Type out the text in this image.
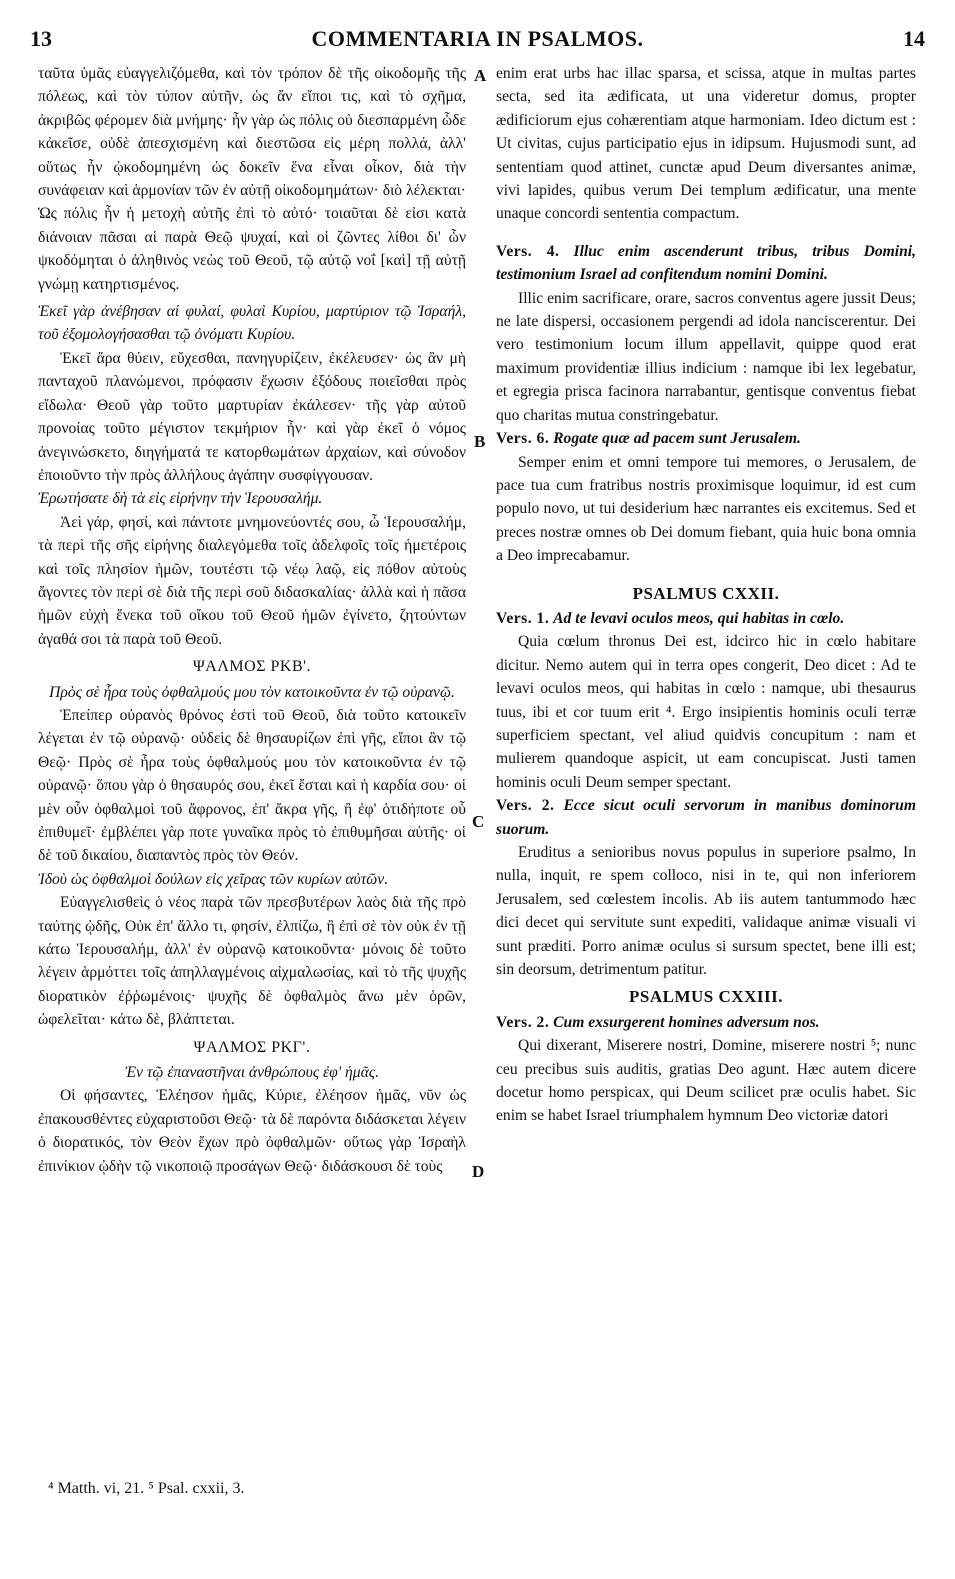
13	COMMENTARIA IN PSALMOS.	14
A
B
C
D

ταῦτα ὑμᾶς εὐαγγελιζόμεθα, καὶ τὸν τρόπον δὲ τῆς οἰκοδομῆς τῆς πόλεως, καὶ τὸν τύπον αὐτῆν, ὡς ἄν εἴποι τις, καὶ τὸ σχῆμα, ἀκριβῶς φέρομεν διὰ μνήμης· ἦν γὰρ ὡς πόλις οὐ διεσπαρμένη ὧδε κἀκεῖσε, οὐδὲ ἀπεσχισμένη καὶ διεστῶσα εἰς μέρη πολλά, ἀλλ' οὕτως ἦν ᾠκοδομημένη ὡς δοκεῖν ἕνα εἶναι οἶκον, διὰ τὴν συνάφειαν καὶ ἁρμονίαν τῶν ἐν αὐτῇ οἰκοδομημάτων· διὸ λέλεκται· Ὡς πόλις ἧν ἡ μετοχὴ αὐτῆς ἐπὶ τὸ αὐτό· τοιαῦται δὲ εἰσι κατὰ διάνοιαν πᾶσαι αἱ παρὰ Θεῷ ψυχαί, καὶ οἱ ζῶντες λίθοι δι' ὧν ψκοδόμηται ὁ ἀληθινὸς νεὼς τοῦ Θεοῦ, τῷ αὐτῷ νοΐ [καὶ] τῇ αὐτῇ γνώμῃ κατηρτισμένος.

Ἐκεῖ γὰρ ἀνέβησαν αἱ φυλαί, φυλαὶ Κυρίου, μαρτύριον τῷ Ἰσραήλ, τοῦ ἐξομολογήσασθαι τῷ ὀνόματι Κυρίου.

Ἐκεῖ ἄρα θύειν, εὔχεσθαι, πανηγυρίζειν, ἐκέλευσεν· ὡς ἂν μὴ πανταχοῦ πλανώμενοι, πρόφασιν ἔχωσιν ἐξόδους ποιεῖσθαι πρὸς εἴδωλα· Θεοῦ γὰρ τοῦτο μαρτυρίαν ἐκάλεσεν· τῆς γὰρ αὐτοῦ προνοίας τοῦτο μέγιστον τεκμήριον ἦν· καὶ γὰρ ἐκεῖ ὁ νόμος ἀνεγινώσκετο, διηγήματά τε κατορθωμάτων ἀρχαίων, καὶ σύνοδον ἐποιοῦντο τὴν πρὸς ἀλλήλους ἀγάπην συσφίγγουσαν.

Ἐρωτήσατε δὴ τὰ εἰς εἰρήνην τὴν Ἱερουσαλήμ.

Ἀεὶ γάρ, φησί, καὶ πάντοτε μνημονεύοντές σου, ὦ Ἱερουσαλήμ, τὰ περὶ τῆς σῆς εἰρήνης διαλεγόμεθα τοῖς ἀδελφοῖς τοῖς ἡμετέροις καὶ τοῖς πλησίον ἡμῶν, τουτέστι τῷ νέῳ λαῷ, εἰς πόθον αὐτοὺς ἄγοντες τὸν περὶ σὲ διὰ τῆς περὶ σοῦ διδασκαλίας· ἀλλὰ καὶ ἡ πᾶσα ἡμῶν εὐχὴ ἕνεκα τοῦ οἴκου τοῦ Θεοῦ ἡμῶν ἐγίνετο, ζητούντων ἀγαθά σοι τὰ παρὰ τοῦ Θεοῦ.

ΨΑΛΜΟΣ ΡΚΒ'.

Πρὸς σὲ ἦρα τοὺς ὀφθαλμούς μου τὸν κατοικοῦντα ἐν τῷ οὐρανῷ.

Ἐπείπερ οὐρανὸς θρόνος ἐστὶ τοῦ Θεοῦ, διὰ τοῦτο κατοικεῖν λέγεται ἐν τῷ οὐρανῷ· οὐδεὶς δὲ θησαυρίζων ἐπὶ γῆς, εἴποι ἂν τῷ Θεῷ· Πρὸς σὲ ἦρα τοὺς ὀφθαλμούς μου τὸν κατοικοῦντα ἐν τῷ οὐρανῷ· ὅπου γὰρ ὁ θησαυρός σου, ἐκεῖ ἔσται καὶ ἡ καρδία σου· οἱ μὲν οὖν ὀφθαλμοὶ τοῦ ἄφρονος, ἐπ' ἄκρα γῆς, ἢ ἐφ' ὁτιδήποτε οὗ ἐπιθυμεῖ· ἐμβλέπει γὰρ ποτε γυναῖκα πρὸς τὸ ἐπιθυμῆσαι αὐτῆς· οἱ δὲ τοῦ δικαίου, διαπαντὸς πρὸς τὸν Θεόν.

Ἰδοὺ ὡς ὀφθαλμοὶ δούλων εἰς χεῖρας τῶν κυρίων αὐτῶν.

Εὐαγγελισθεὶς ὁ νέος παρὰ τῶν πρεσβυτέρων λαὸς διὰ τῆς πρὸ ταύτης ᾠδῆς, Οὐκ ἐπ' ἄλλο τι, φησίν, ἐλπίζω, ἢ ἐπὶ σὲ τὸν οὐκ ἐν τῇ κάτω Ἱερουσαλήμ, ἀλλ' ἐν οὐρανῷ κατοικοῦντα· μόνοις δὲ τοῦτο λέγειν ἁρμόττει τοῖς ἀπηλλαγμένοις αἰχμαλωσίας, καὶ τὸ τῆς ψυχῆς διορατικὸν ἐῤῥωμένοις· ψυχῆς δὲ ὀφθαλμὸς ἄνω μὲν ὁρῶν, ὠφελεῖται· κάτω δὲ, βλάπτεται.

ΨΑΛΜΟΣ ΡΚΓ'.

Ἐν τῷ ἐπαναστῆναι ἀνθρώπους ἐφ' ἡμᾶς.

Οἱ φήσαντες, Ἐλέησον ἡμᾶς, Κύριε, ἐλέησον ἡμᾶς, νῦν ὡς ἐπακουσθέντες εὐχαριστοῦσι Θεῷ· τὰ δὲ παρόντα διδάσκεται λέγειν ὁ διορατικός, τὸν Θεὸν ἔχων πρὸ ὀφθαλμῶν· οὕτως γὰρ Ἰσραὴλ ἐπινίκιον ᾠδὴν τῷ νικοποιῷ προσάγων Θεῷ· διδάσκουσι δὲ τοὺς

enim erat urbs hac illac sparsa, et scissa, atque in multas partes secta, sed ita ædificata, ut una videretur domus, propter ædificiorum ejus cohærentiam atque harmoniam. Ideo dictum est : Ut civitas, cujus participatio ejus in idipsum. Hujusmodi sunt, ad sententiam quod attinet, cunctæ apud Deum diversantes animæ, vivi lapides, quibus verum Dei templum ædificatur, una mente unaque concordi sententia compactum.

Vers. 4. Illuc enim ascenderunt tribus, tribus Domini, testimonium Israel ad confitendum nomini Domini.

Illic enim sacrificare, orare, sacros conventus agere jussit Deus; ne late dispersi, occasionem pergendi ad idola nanciscerentur. Dei vero testimonium locum illum appellavit, quippe quod erat maximum providentiæ illius indicium : namque ibi lex legebatur, et egregia prisca facinora narrabantur, gentisque conventus fiebat quo charitas mutua constringebatur.

Vers. 6. Rogate quæ ad pacem sunt Jerusalem.

Semper enim et omni tempore tui memores, o Jerusalem, de pace tua cum fratribus nostris proximisque loquimur, id est cum populo novo, ut tui desiderium hæc narrantes eis excitemus. Sed et preces nostræ omnes ob Dei domum fiebant, quia huic bona omnia a Deo imprecabamur.

PSALMUS CXXII.

Vers. 1. Ad te levavi oculos meos, qui habitas in cœlo.

Quia cœlum thronus Dei est, idcirco hic in cœlo habitare dicitur. Nemo autem qui in terra opes congerit, Deo dicet : Ad te levavi oculos meos, qui habitas in cœlo : namque, ubi thesaurus tuus, ibi et cor tuum erit ⁴. Ergo insipientis hominis oculi terræ superficiem spectant, vel aliud quidvis concupitum : nam et mulierem quandoque aspicit, ut eam concupiscat. Justi tamen hominis oculi Deum semper spectant.

Vers. 2. Ecce sicut oculi servorum in manibus dominorum suorum.

Eruditus a senioribus novus populus in superiore psalmo, In nulla, inquit, re spem colloco, nisi in te, qui non inferiorem Jerusalem, sed cœlestem incolis. Ab iis autem tantummodo hæc dici decet qui servitute sunt expediti, validaque animæ visuali vi sunt præditi. Porro animæ oculus si sursum spectet, bene illi est; sin deorsum, detrimentum patitur.

PSALMUS CXXIII.

Vers. 2. Cum exsurgerent homines adversum nos.

Qui dixerant, Miserere nostri, Domine, miserere nostri ⁵; nunc ceu precibus suis auditis, gratias Deo agunt. Hæc autem dicere docetur homo perspicax, qui Deum scilicet præ oculis habet. Sic enim se habet Israel triumphalem hymnum Deo victoriæ datori

⁴ Matth. vi, 21. ⁵ Psal. cxxii, 3.
